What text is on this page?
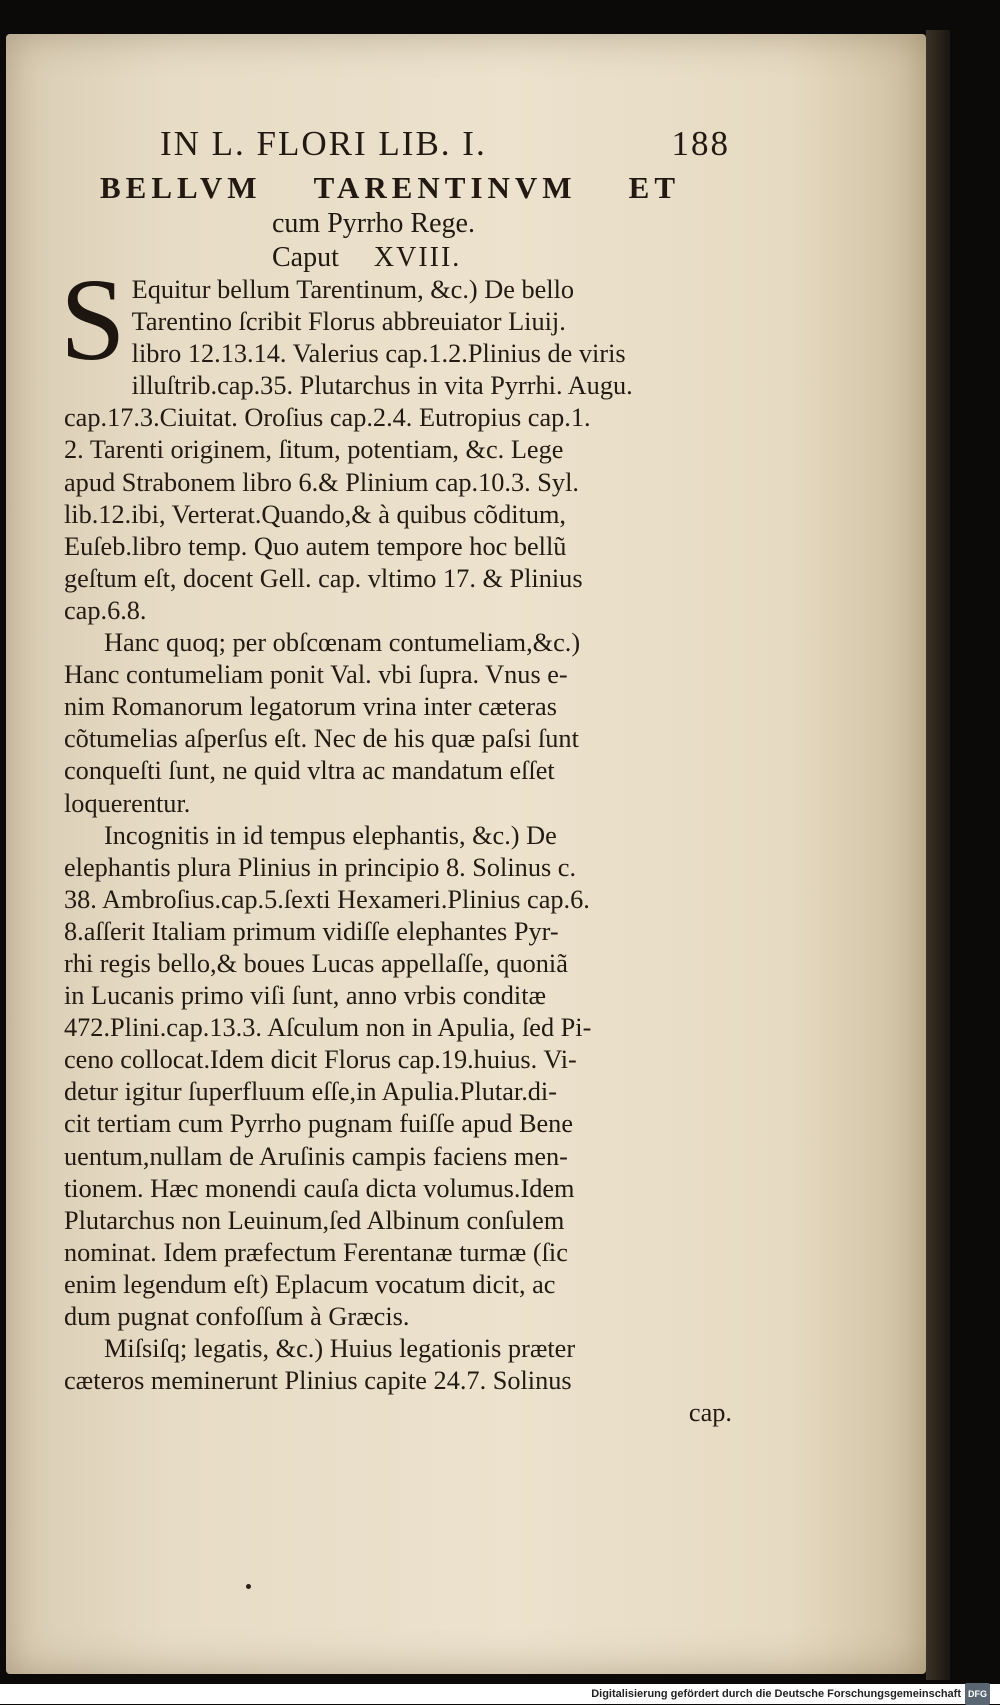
IN L. FLORI LIB. I.	188
BELLVM TARENTINVM ET
cum Pyrrho Rege.
Caput XVIII.
S Equitur bellum Tarentinum, &c.) De bello
Tarentino ſcribit Florus abbreuiator Liuij.
libro 12.13.14. Valerius cap.1.2.Plinius de viris
illuſtrib.cap.35. Plutarchus in vita Pyrrhi. Augu.
cap.17.3.Ciuitat. Oroſius cap.2.4. Eutropius cap.1.
2. Tarenti originem, ſitum, potentiam, &c. Lege
apud Strabonem libro 6.& Plinium cap.10.3. Syl.
lib.12.ibi, Verterat.Quando,& à quibus cõditum,
Euſeb.libro temp. Quo autem tempore hoc bellũ
geſtum eſt, docent Gell. cap. vltimo 17. & Plinius
cap.6.8.
Hanc quoq; per obſcœnam contumeliam,&c.)
Hanc contumeliam ponit Val. vbi ſupra. Vnus e-
nim Romanorum legatorum vrina inter cæteras
cõtumelias aſperſus eſt. Nec de his quæ paſsi ſunt
conqueſti ſunt, ne quid vltra ac mandatum eſſet
loquerentur.
Incognitis in id tempus elephantis, &c.) De
elephantis plura Plinius in principio 8. Solinus c.
38. Ambroſius.cap.5.ſexti Hexameri.Plinius cap.6.
8.aſſerit Italiam primum vidiſſe elephantes Pyr-
rhi regis bello,& boues Lucas appellaſſe, quoniã
in Lucanis primo viſi ſunt, anno vrbis conditæ
472.Plini.cap.13.3. Aſculum non in Apulia, ſed Pi-
ceno collocat.Idem dicit Florus cap.19.huius. Vi-
detur igitur ſuperfluum eſſe,in Apulia.Plutar.di-
cit tertiam cum Pyrrho pugnam fuiſſe apud Bene
uentum,nullam de Aruſinis campis faciens men-
tionem. Hæc monendi cauſa dicta volumus.Idem
Plutarchus non Leuinum,ſed Albinum conſulem
nominat. Idem præfectum Ferentanæ turmæ (ſic
enim legendum eſt) Eplacum vocatum dicit, ac
dum pugnat confoſſum à Græcis.
Miſsiſq; legatis, &c.) Huius legationis præter
cæteros meminerunt Plinius capite 24.7. Solinus
cap.
Digitalisierung gefördert durch die Deutsche Forschungsgemeinschaft DFG
